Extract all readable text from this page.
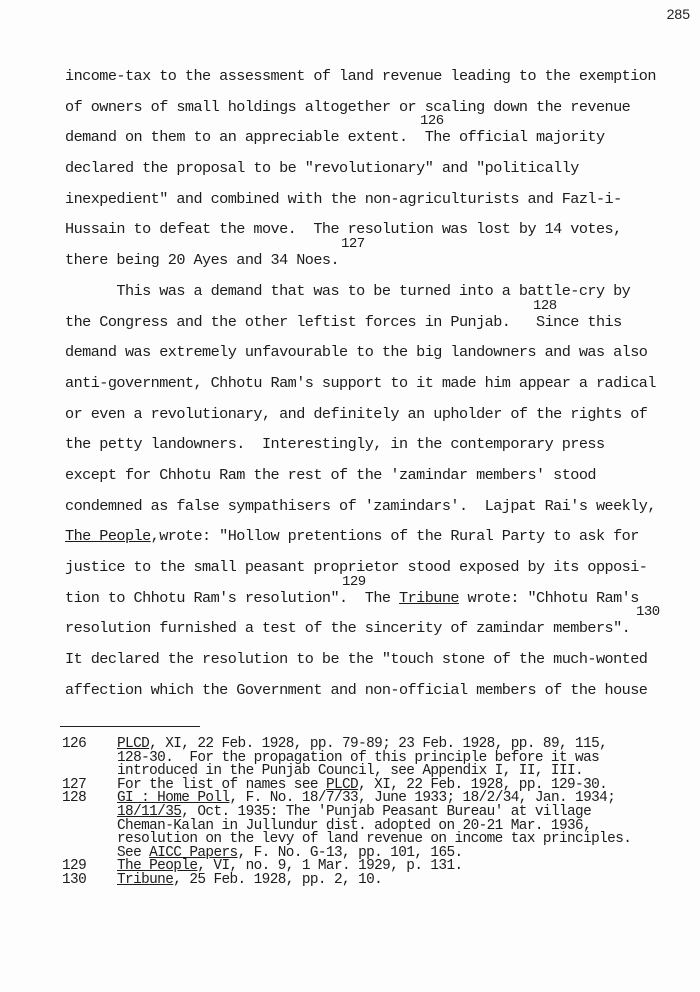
285
income-tax to the assessment of land revenue leading to the exemption
of owners of small holdings altogether or scaling down the revenue
demand on them to an appreciable extent.
126
The official majority
declared the proposal to be "revolutionary" and "politically
inexpedient" and combined with the non-agriculturists and Fazl-i-
Hussain to defeat the move.  The resolution was lost by 14 votes,
there being 20 Ayes and 34 Noes.
127
This was a demand that was to be turned into a battle-cry by
the Congress and the other leftist forces in Punjab.
128
Since this
demand was extremely unfavourable to the big landowners and was also
anti-government, Chhotu Ram's support to it made him appear a radical
or even a revolutionary, and definitely an upholder of the rights of
the petty landowners.  Interestingly, in the contemporary press
except for Chhotu Ram the rest of the 'zamindar members' stood
condemned as false sympathisers of 'zamindars'.  Lajpat Rai's weekly,
The People,wrote: "Hollow pretentions of the Rural Party to ask for
justice to the small peasant proprietor stood exposed by its opposi-
tion to Chhotu Ram's resolution".
129
The Tribune wrote: "Chhotu Ram's
resolution furnished a test of the sincerity of zamindar members".
130
It declared the resolution to be the "touch stone of the much-wonted
affection which the Government and non-official members of the house
126	PLCD, XI, 22 Feb. 1928, pp. 79-89; 23 Feb. 1928, pp. 89, 115,
128-30.  For the propagation of this principle before it was
introduced in the Punjab Council, see Appendix I, II, III.
127	For the list of names see PLCD, XI, 22 Feb. 1928, pp. 129-30.
128	GI : Home Poll, F. No. 18/7/33, June 1933; 18/2/34, Jan. 1934;
18/11/35, Oct. 1935: The 'Punjab Peasant Bureau' at village
Cheman-Kalan in Jullundur dist. adopted on 20-21 Mar. 1936,
resolution on the levy of land revenue on income tax principles.
See AICC Papers, F. No. G-13, pp. 101, 165.
129	The People, VI, no. 9, 1 Mar. 1929, p. 131.
130	Tribune, 25 Feb. 1928, pp. 2, 10.
